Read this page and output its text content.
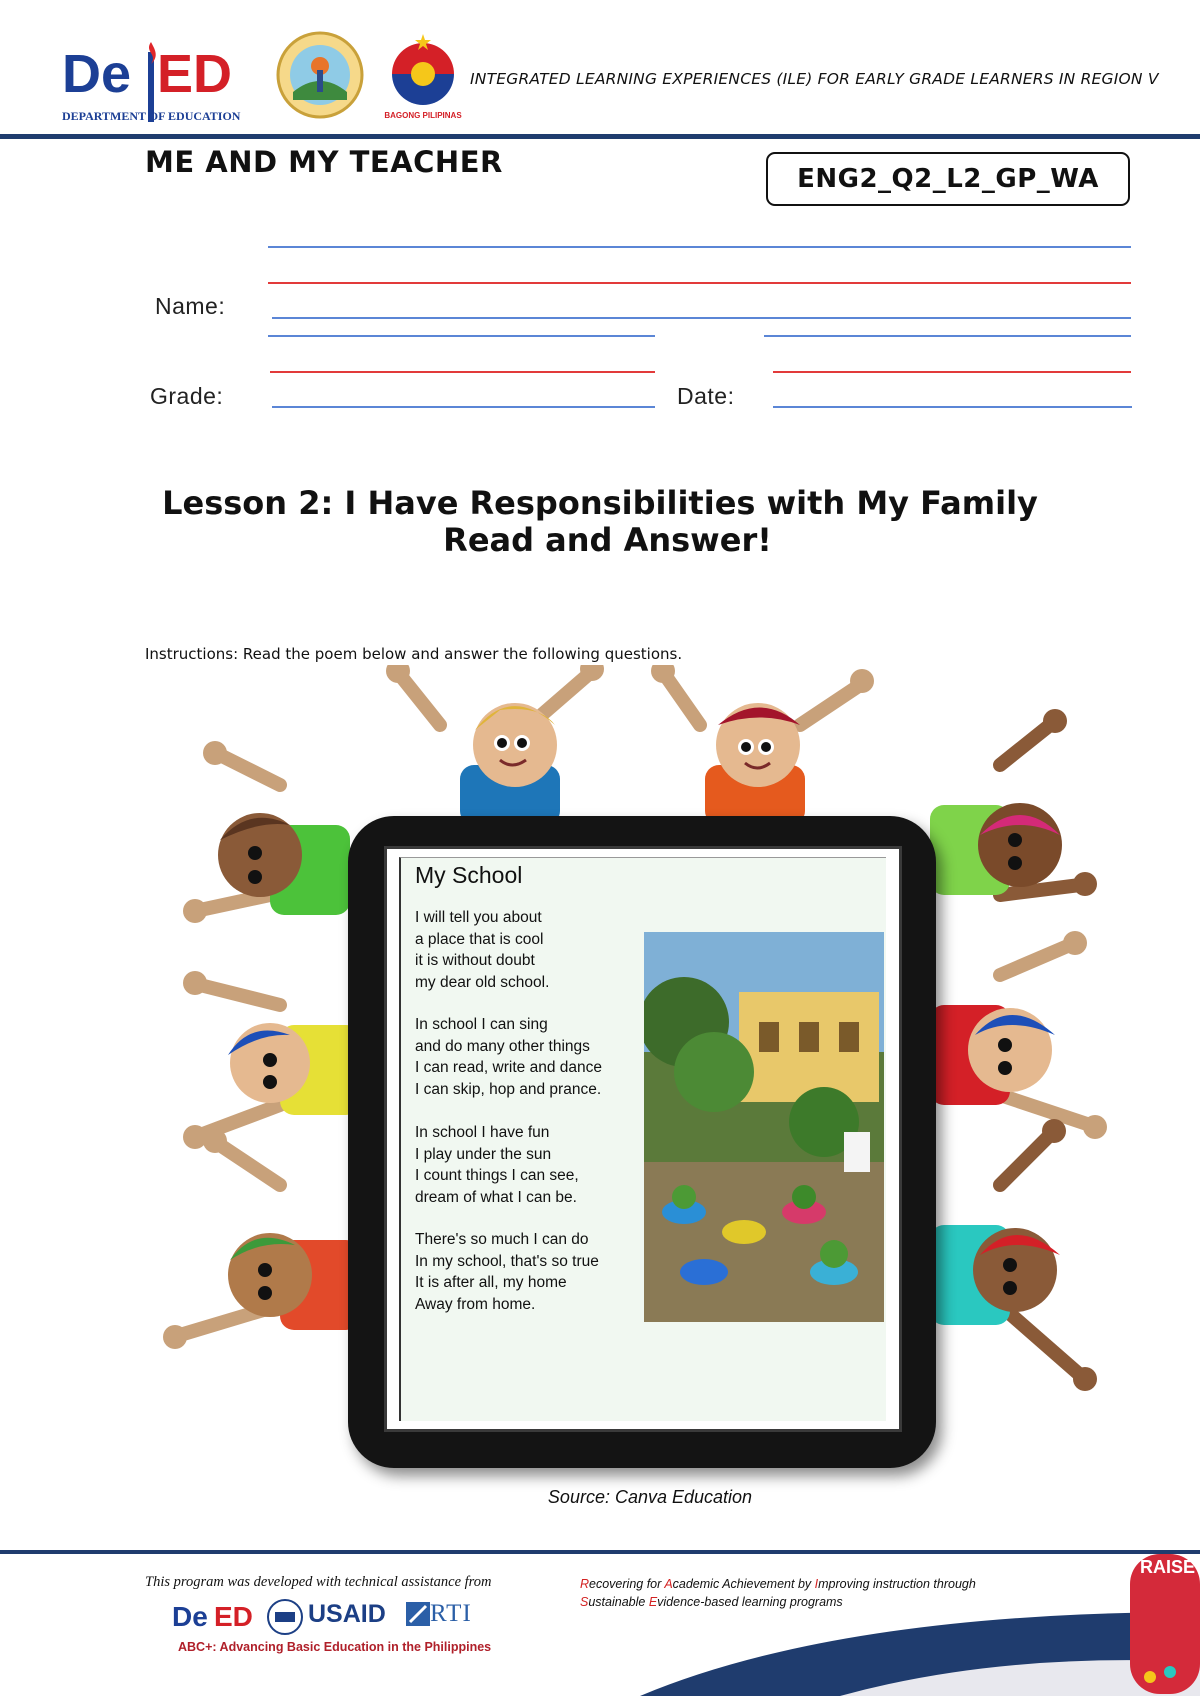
De ED
DEPARTMENT OF EDUCATION	BAGONG PILIPINAS
INTEGRATED LEARNING EXPERIENCES (ILE) FOR EARLY GRADE LEARNERS IN REGION V
ME AND MY TEACHER	ENG2_Q2_L2_GP_WA
Name:
Grade:	Date:
Lesson 2: I Have Responsibilities with My Family
Read and Answer!
Instructions: Read the poem below and answer the following questions.
My School
I will tell you about
a place that is cool
it is without doubt
my dear old school.
In school I can sing
and do many other things
I can read, write and dance
I can skip, hop and prance.
In school I have fun
I play under the sun
I count things I can see,
dream of what I can be.
There's so much I can do
In my school, that's so true
It is after all, my home
Away from home.
Source: Canva Education
This program was developed with technical assistance from	Recovering for Academic Achievement by Improving instruction through
Sustainable Evidence-based learning programs
De ED USAID RTI
ABC+: Advancing Basic Education in the Philippines
RAISE
